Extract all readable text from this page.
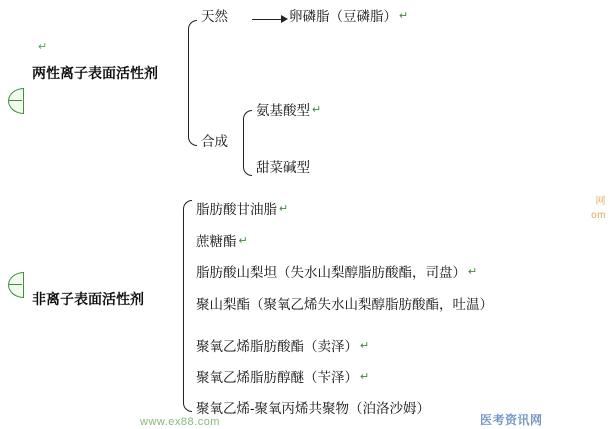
两性离子表面活性剂
天然	卵磷脂（豆磷脂） ↵
合成
氨基酸型 ↵
甜菜碱型
↵
非离子表面活性剂
脂肪酸甘油脂 ↵
蔗糖酯 ↵
脂肪酸山梨坦（失水山梨醇脂肪酸酯，司盘） ↵
聚山梨酯（聚氧乙烯失水山梨醇脂肪酸酯，吐温）
聚氧乙烯脂肪酸酯（卖泽） ↵
聚氧乙烯脂肪醇醚（苄泽） ↵
聚氧乙烯-聚氧丙烯共聚物（泊洛沙姆）
网
om
www.ex88.com	医考资讯网
